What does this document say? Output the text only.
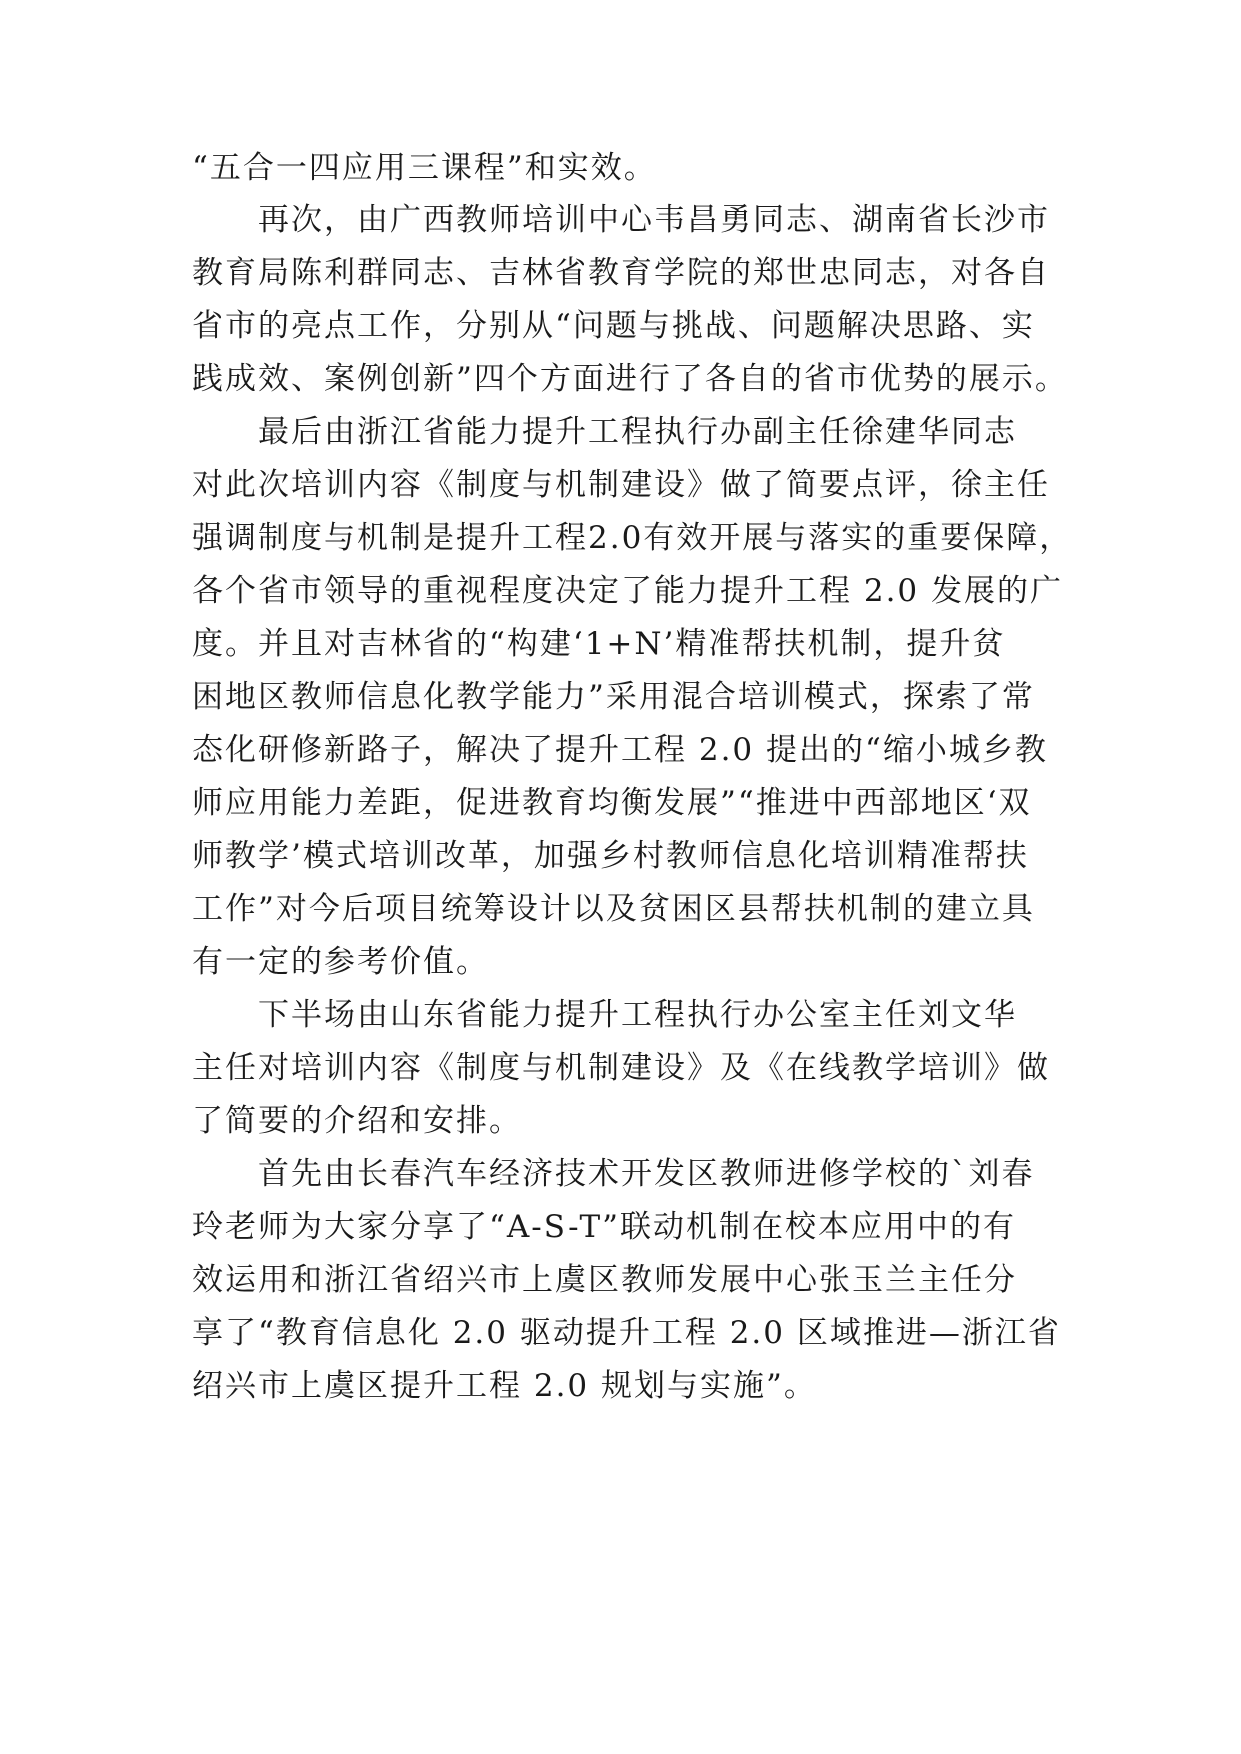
“五合一四应用三课程”和实效。
再次，由广西教师培训中心韦昌勇同志、湖南省长沙市
教育局陈利群同志、吉林省教育学院的郑世忠同志，对各自
省市的亮点工作，分别从“问题与挑战、问题解决思路、实
践成效、案例创新”四个方面进行了各自的省市优势的展示。
最后由浙江省能力提升工程执行办副主任徐建华同志
对此次培训内容《制度与机制建设》做了简要点评，徐主任
强调制度与机制是提升工程2.0有效开展与落实的重要保障，
各个省市领导的重视程度决定了能力提升工程 2.0 发展的广
度。并且对吉林省的“构建‘1+N’精准帮扶机制，提升贫
困地区教师信息化教学能力”采用混合培训模式，探索了常
态化研修新路子，解决了提升工程 2.0 提出的“缩小城乡教
师应用能力差距，促进教育均衡发展”“推进中西部地区‘双
师教学’模式培训改革，加强乡村教师信息化培训精准帮扶
工作”对今后项目统筹设计以及贫困区县帮扶机制的建立具
有一定的参考价值。
下半场由山东省能力提升工程执行办公室主任刘文华
主任对培训内容《制度与机制建设》及《在线教学培训》做
了简要的介绍和安排。
首先由长春汽车经济技术开发区教师进修学校的`刘春
玲老师为大家分享了“A-S-T”联动机制在校本应用中的有
效运用和浙江省绍兴市上虞区教师发展中心张玉兰主任分
享了“教育信息化 2.0 驱动提升工程 2.0 区域推进—浙江省
绍兴市上虞区提升工程 2.0 规划与实施”。
